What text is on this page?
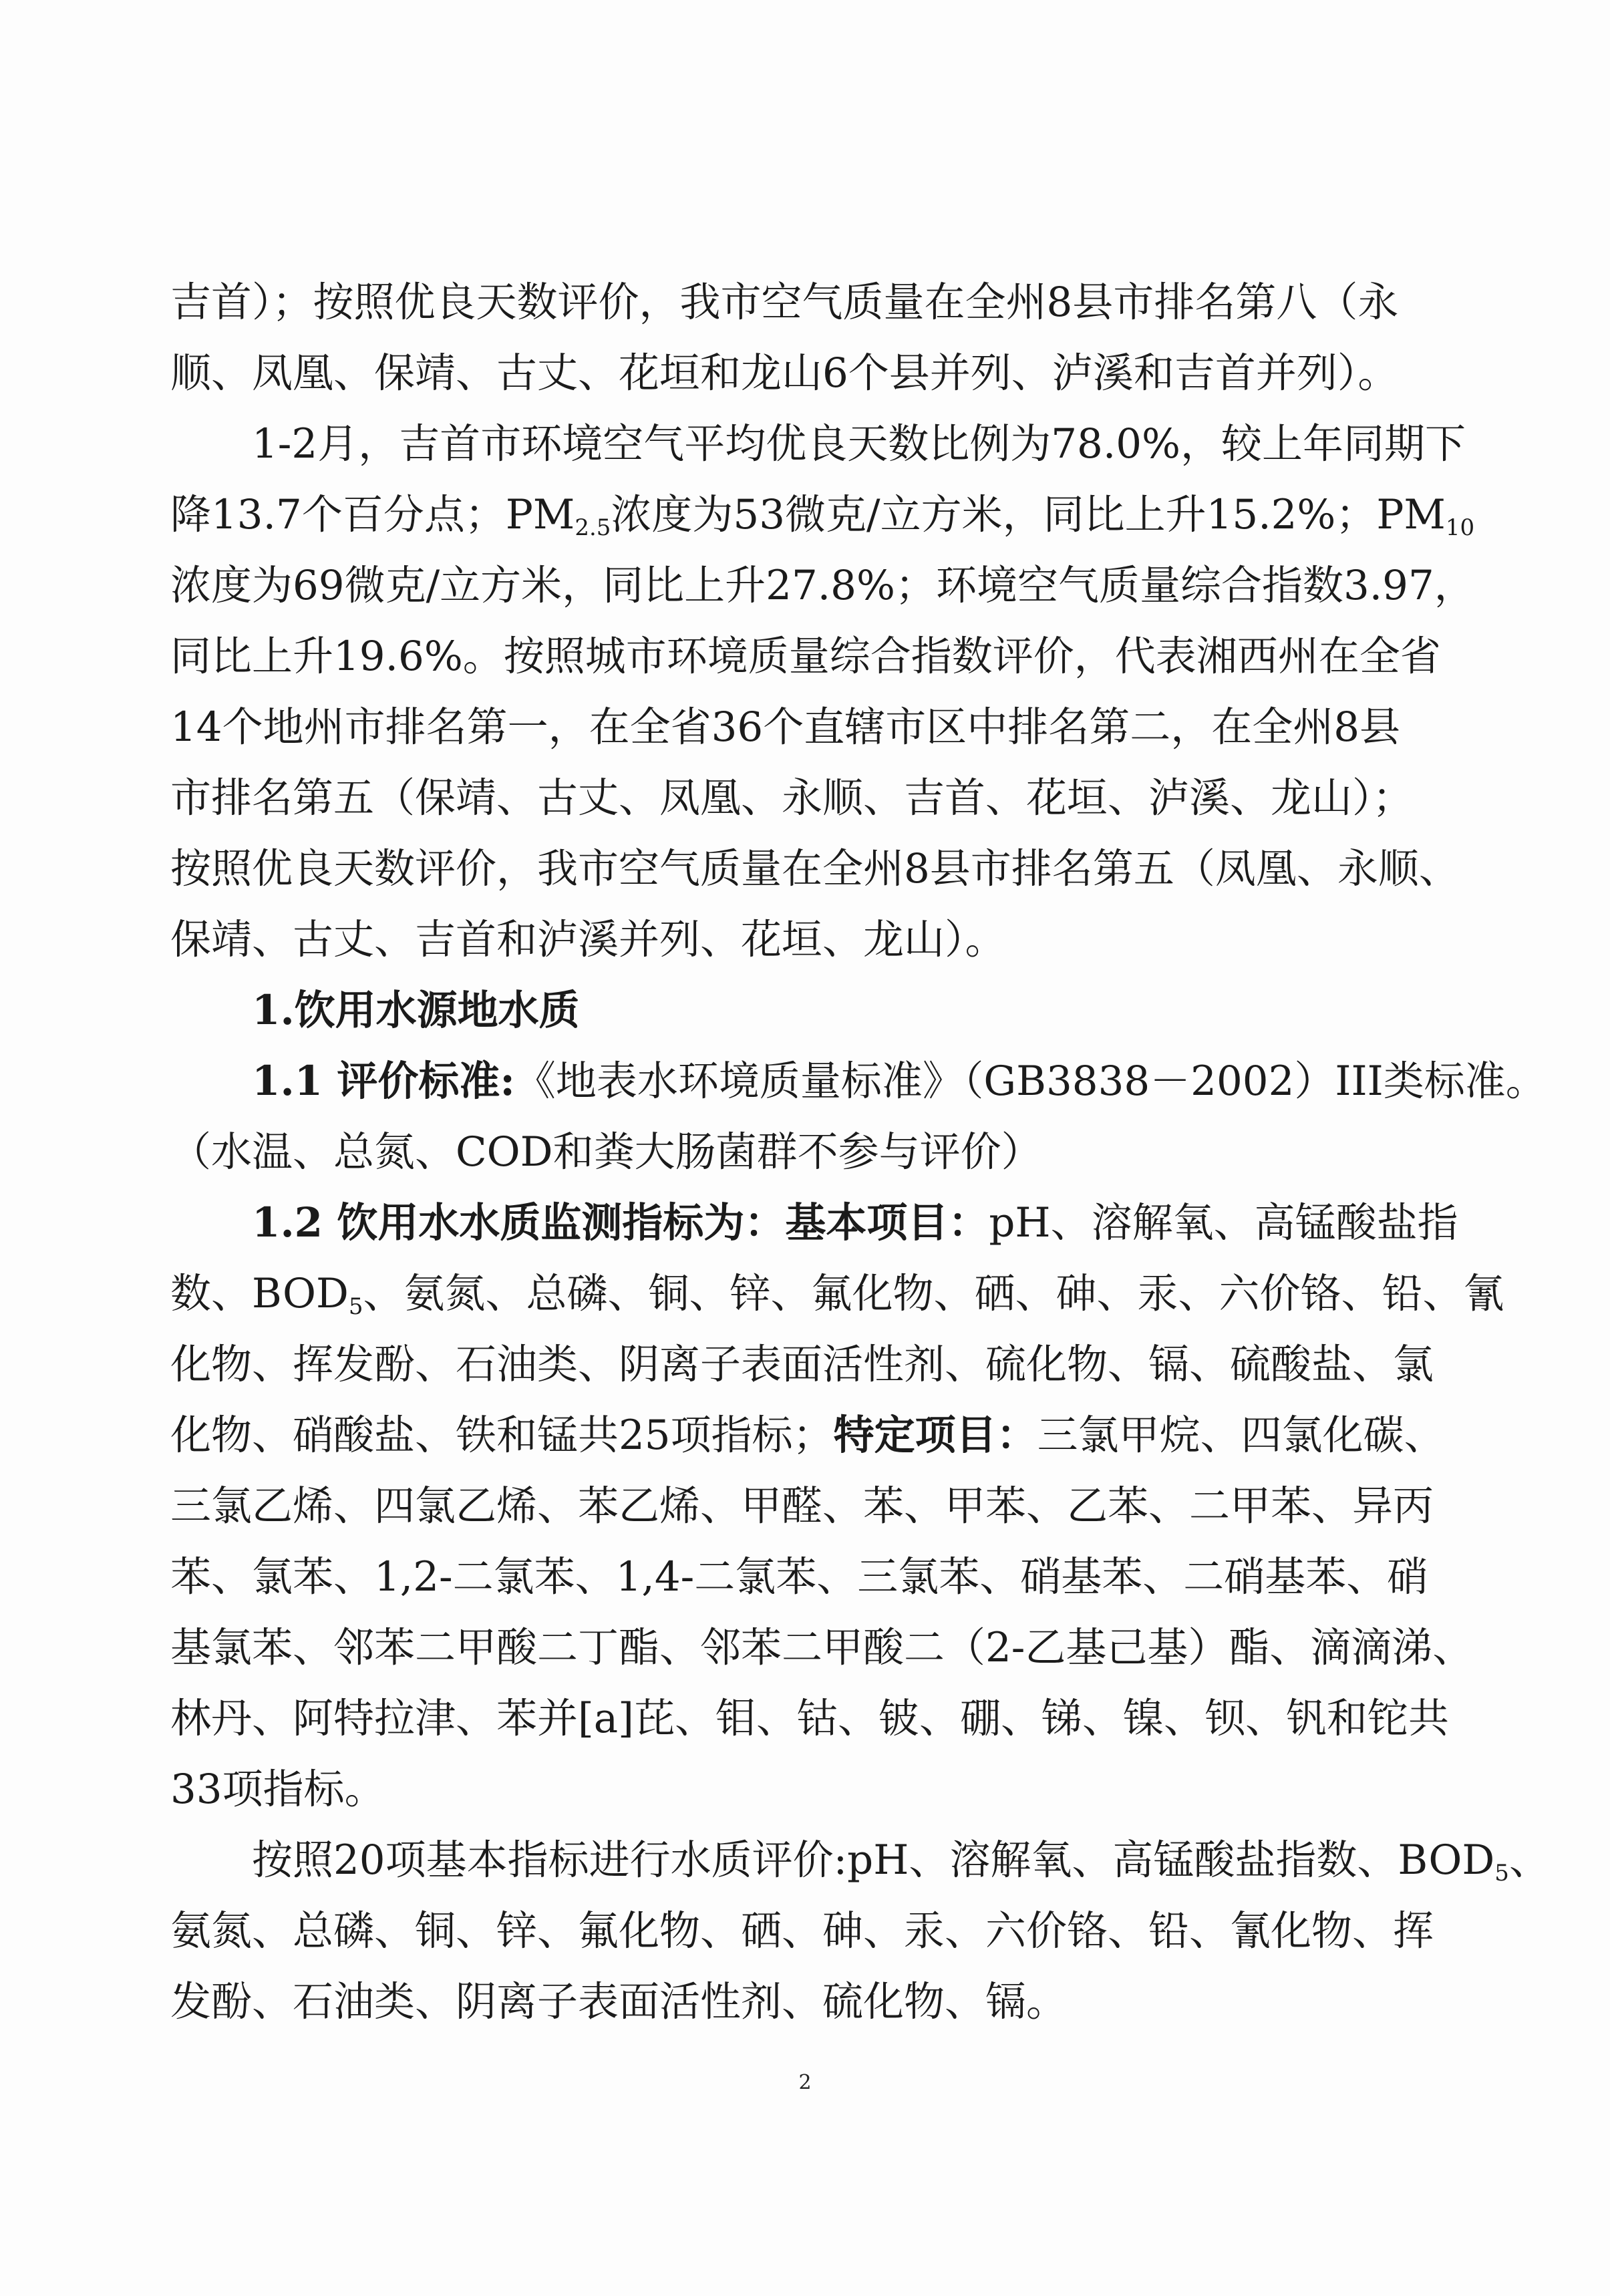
吉首）；按照优良天数评价，我市空气质量在全州8县市排名第八（永
顺、凤凰、保靖、古丈、花垣和龙山6个县并列、泸溪和吉首并列）。
1-2月，吉首市环境空气平均优良天数比例为78.0%，较上年同期下
降13.7个百分点；$PM_{2.5}$浓度为53微克/立方米，同比上升15.2%；$PM_{10}$
浓度为69微克/立方米，同比上升27.8%；环境空气质量综合指数3.97，
同比上升19.6%。按照城市环境质量综合指数评价，代表湘西州在全省
14个地州市排名第一，在全省36个直辖市区中排名第二，在全州8县
市排名第五（保靖、古丈、凤凰、永顺、吉首、花垣、泸溪、龙山）；
按照优良天数评价，我市空气质量在全州8县市排名第五（凤凰、永顺、
保靖、古丈、吉首和泸溪并列、花垣、龙山）。
1.饮用水源地水质
1.1 评价标准:《地表水环境质量标准》（GB3838－2002）III类标准。
（水温、总氮、COD和粪大肠菌群不参与评价）
1.2 饮用水水质监测指标为：基本项目：pH、溶解氧、高锰酸盐指
数、$BOD_5$、氨氮、总磷、铜、锌、氟化物、硒、砷、汞、六价铬、铅、氰
化物、挥发酚、石油类、阴离子表面活性剂、硫化物、镉、硫酸盐、氯
化物、硝酸盐、铁和锰共25项指标；特定项目：三氯甲烷、四氯化碳、
三氯乙烯、四氯乙烯、苯乙烯、甲醛、苯、甲苯、乙苯、二甲苯、异丙
苯、氯苯、1,2-二氯苯、1,4-二氯苯、三氯苯、硝基苯、二硝基苯、硝
基氯苯、邻苯二甲酸二丁酯、邻苯二甲酸二（2-乙基己基）酯、滴滴涕、
林丹、阿特拉津、苯并[a]芘、钼、钴、铍、硼、锑、镍、钡、钒和铊共
33项指标。
按照20项基本指标进行水质评价:pH、溶解氧、高锰酸盐指数、$BOD_5$、
氨氮、总磷、铜、锌、氟化物、硒、砷、汞、六价铬、铅、氰化物、挥
发酚、石油类、阴离子表面活性剂、硫化物、镉。
2
